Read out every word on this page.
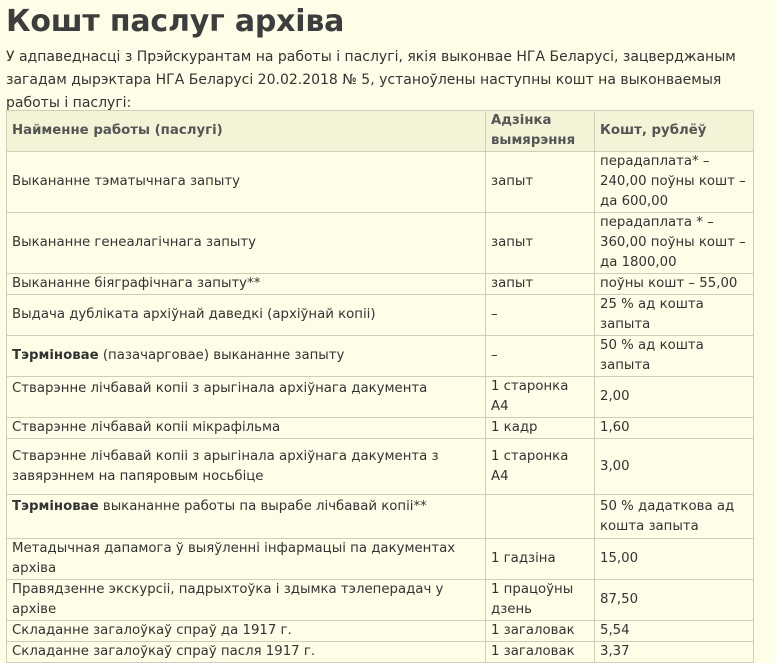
Кошт паслуг архіва

У адпаведнасці з Прэйскурантам на работы і паслугі, якія выконвае НГА Беларусі, зацверджаным загадам дырэктара НГА Беларусі 20.02.2018 № 5, устаноўлены наступны кошт на выконваемыя работы і паслугі:

Найменне работы (паслугі)	Адзінка вымярэння	Кошт, рублёў
Выкананне тэматычнага запыту	запыт	перадаплата* – 240,00 поўны кошт – да 600,00
Выкананне генеалагічнага запыту	запыт	перадаплата * – 360,00 поўны кошт – да 1800,00
Выкананне біяграфічнага запыту**	запыт	поўны кошт – 55,00
Выдача дубліката архіўнай даведкі (архіўнай копіі)	–	25 % ад кошта запыта
Тэрміновае (пазачарговае) выкананне запыту	–	50 % ад кошта запыта
Стварэнне лічбавай копіі з арыгінала архіўнага дакумента	1 старонка А4	2,00
Стварэнне лічбавай копіі мікрафільма	1 кадр	1,60
Стварэнне лічбавай копіі з арыгінала архіўнага дакумента з завярэннем на папяровым носьбіце	1 старонка А4	3,00
Тэрміновае выкананне работы па вырабе лічбавай копіі**		50 % дадаткова ад кошта запыта
Метадычная дапамога ў выяўленні інфармацыі па дакументах архіва	1 гадзіна	15,00
Правядзенне экскурсіі, падрыхтоўка і здымка тэлеперадач у архіве	1 працоўны дзень	87,50
Складанне загалоўкаў спраў да 1917 г.	1 загаловак	5,54
Складанне загалоўкаў спраў пасля 1917 г.	1 загаловак	3,37
